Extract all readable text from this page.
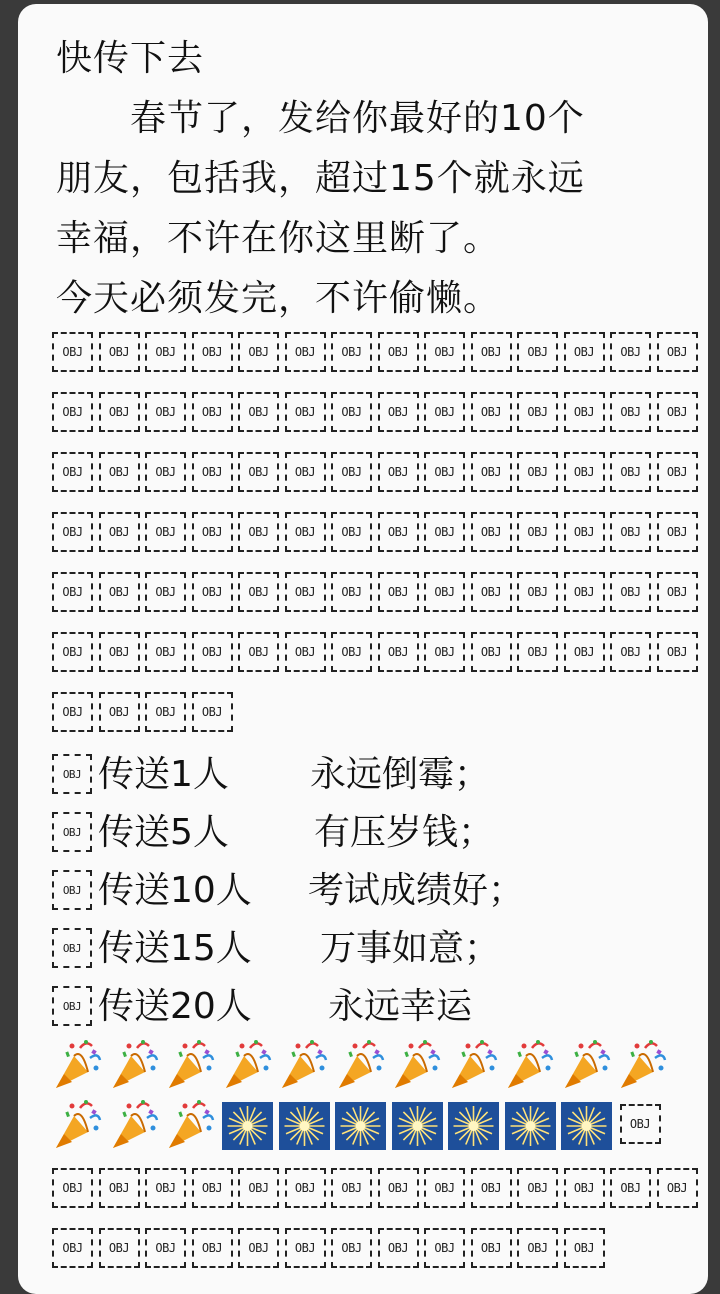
快传下去
春节了，发给你最好的10个
朋友，包括我，超过15个就永远
幸福，不许在你这里断了。
今天必须发完，不许偷懒。
OBJ	OBJ	OBJ	OBJ	OBJ	OBJ	OBJ	OBJ	OBJ	OBJ	OBJ	OBJ	OBJ	OBJ
OBJ	OBJ	OBJ	OBJ	OBJ	OBJ	OBJ	OBJ	OBJ	OBJ	OBJ	OBJ	OBJ	OBJ
OBJ	OBJ	OBJ	OBJ	OBJ	OBJ	OBJ	OBJ	OBJ	OBJ	OBJ	OBJ	OBJ	OBJ
OBJ	OBJ	OBJ	OBJ	OBJ	OBJ	OBJ	OBJ	OBJ	OBJ	OBJ	OBJ	OBJ	OBJ
OBJ	OBJ	OBJ	OBJ	OBJ	OBJ	OBJ	OBJ	OBJ	OBJ	OBJ	OBJ	OBJ	OBJ
OBJ	OBJ	OBJ	OBJ	OBJ	OBJ	OBJ	OBJ	OBJ	OBJ	OBJ	OBJ	OBJ	OBJ
OBJ	OBJ	OBJ	OBJ
OBJ 传送1人 永远倒霉；
OBJ 传送5人 有压岁钱；
OBJ 传送10人 考试成绩好；
OBJ 传送15人 万事如意；
OBJ 传送20人 永远幸运
OBJ
OBJ	OBJ	OBJ	OBJ	OBJ	OBJ	OBJ	OBJ	OBJ	OBJ	OBJ	OBJ	OBJ	OBJ
OBJ	OBJ	OBJ	OBJ	OBJ	OBJ	OBJ	OBJ	OBJ	OBJ	OBJ	OBJ
